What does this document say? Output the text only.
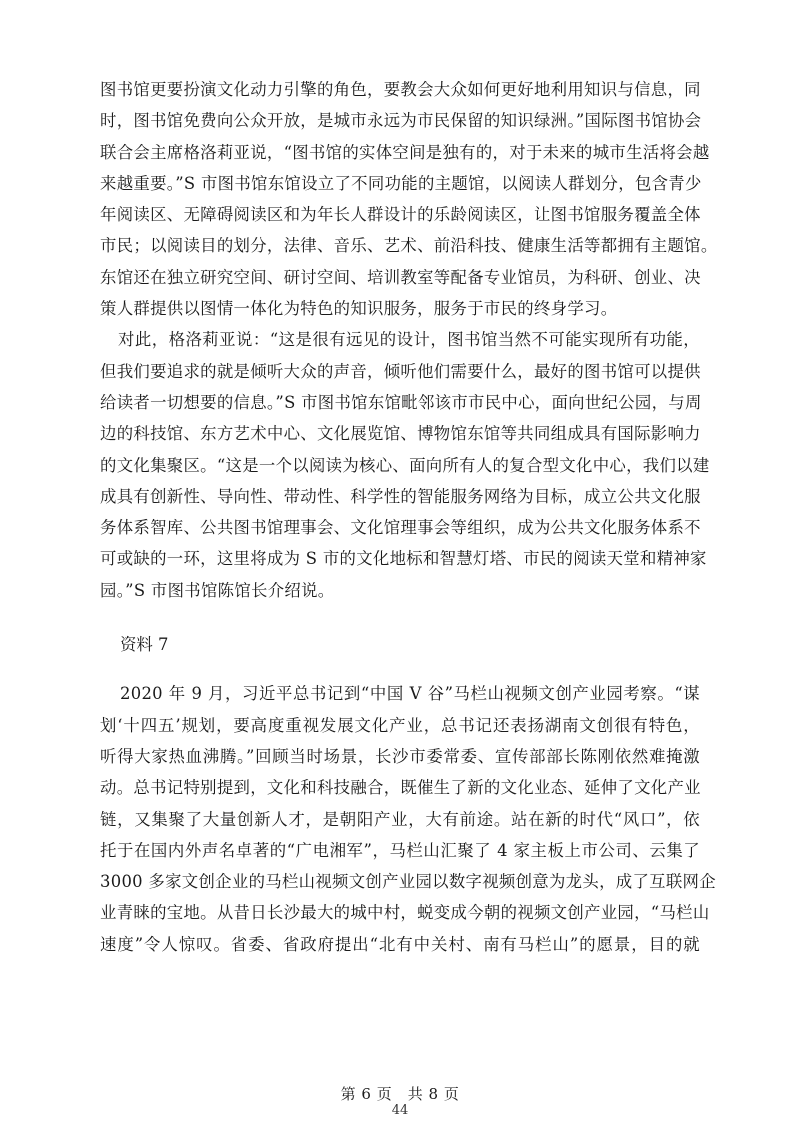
图书馆更要扮演文化动力引擎的角色，要教会大众如何更好地利用知识与信息，同
时，图书馆免费向公众开放，是城市永远为市民保留的知识绿洲。”国际图书馆协会
联合会主席格洛莉亚说，“图书馆的实体空间是独有的，对于未来的城市生活将会越
来越重要。”S 市图书馆东馆设立了不同功能的主题馆，以阅读人群划分，包含青少
年阅读区、无障碍阅读区和为年长人群设计的乐龄阅读区，让图书馆服务覆盖全体
市民；以阅读目的划分，法律、音乐、艺术、前沿科技、健康生活等都拥有主题馆。
东馆还在独立研究空间、研讨空间、培训教室等配备专业馆员，为科研、创业、决
策人群提供以图情一体化为特色的知识服务，服务于市民的终身学习。
对此，格洛莉亚说：“这是很有远见的设计，图书馆当然不可能实现所有功能，
但我们要追求的就是倾听大众的声音，倾听他们需要什么，最好的图书馆可以提供
给读者一切想要的信息。”S 市图书馆东馆毗邻该市市民中心，面向世纪公园，与周
边的科技馆、东方艺术中心、文化展览馆、博物馆东馆等共同组成具有国际影响力
的文化集聚区。“这是一个以阅读为核心、面向所有人的复合型文化中心，我们以建
成具有创新性、导向性、带动性、科学性的智能服务网络为目标，成立公共文化服
务体系智库、公共图书馆理事会、文化馆理事会等组织，成为公共文化服务体系不
可或缺的一环，这里将成为 S 市的文化地标和智慧灯塔、市民的阅读天堂和精神家
园。”S 市图书馆陈馆长介绍说。
资料 7
2020 年 9 月，习近平总书记到“中国 V 谷”马栏山视频文创产业园考察。“谋
划‘十四五’规划，要高度重视发展文化产业，总书记还表扬湖南文创很有特色，
听得大家热血沸腾。”回顾当时场景，长沙市委常委、宣传部部长陈刚依然难掩激
动。总书记特别提到，文化和科技融合，既催生了新的文化业态、延伸了文化产业
链，又集聚了大量创新人才，是朝阳产业，大有前途。站在新的时代“风口”，依
托于在国内外声名卓著的“广电湘军”，马栏山汇聚了 4 家主板上市公司、云集了
3000 多家文创企业的马栏山视频文创产业园以数字视频创意为龙头，成了互联网企
业青睐的宝地。从昔日长沙最大的城中村，蜕变成今朝的视频文创产业园，“马栏山
速度”令人惊叹。省委、省政府提出“北有中关村、南有马栏山”的愿景，目的就
第 6 页　共 8 页
44
